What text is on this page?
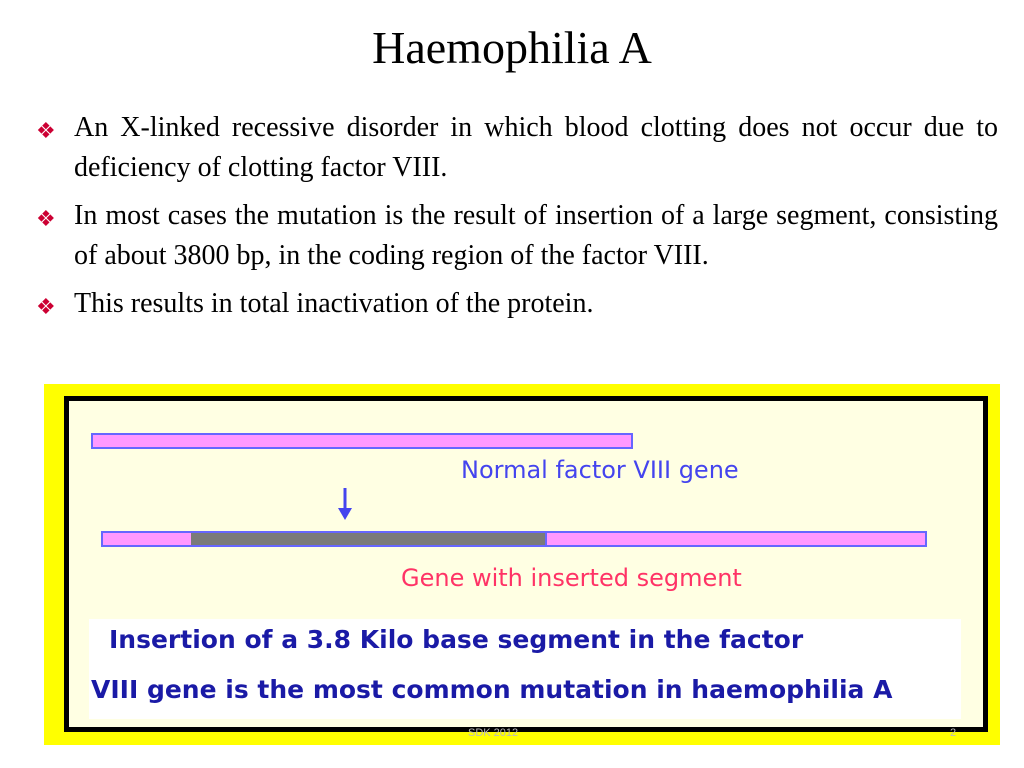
Haemophilia A
❖ An X-linked recessive disorder in which blood clotting does not occur due to deficiency of clotting factor VIII.
❖ In most cases the mutation is the result of insertion of a large segment, consisting of about 3800 bp, in the coding region of the factor VIII.
❖ This results in total inactivation of the protein.
Normal factor VIII gene
Gene with inserted segment
Insertion of a 3.8 Kilo base segment in the factor
VIII gene is the most common mutation in haemophilia A
SDK 2012	2
